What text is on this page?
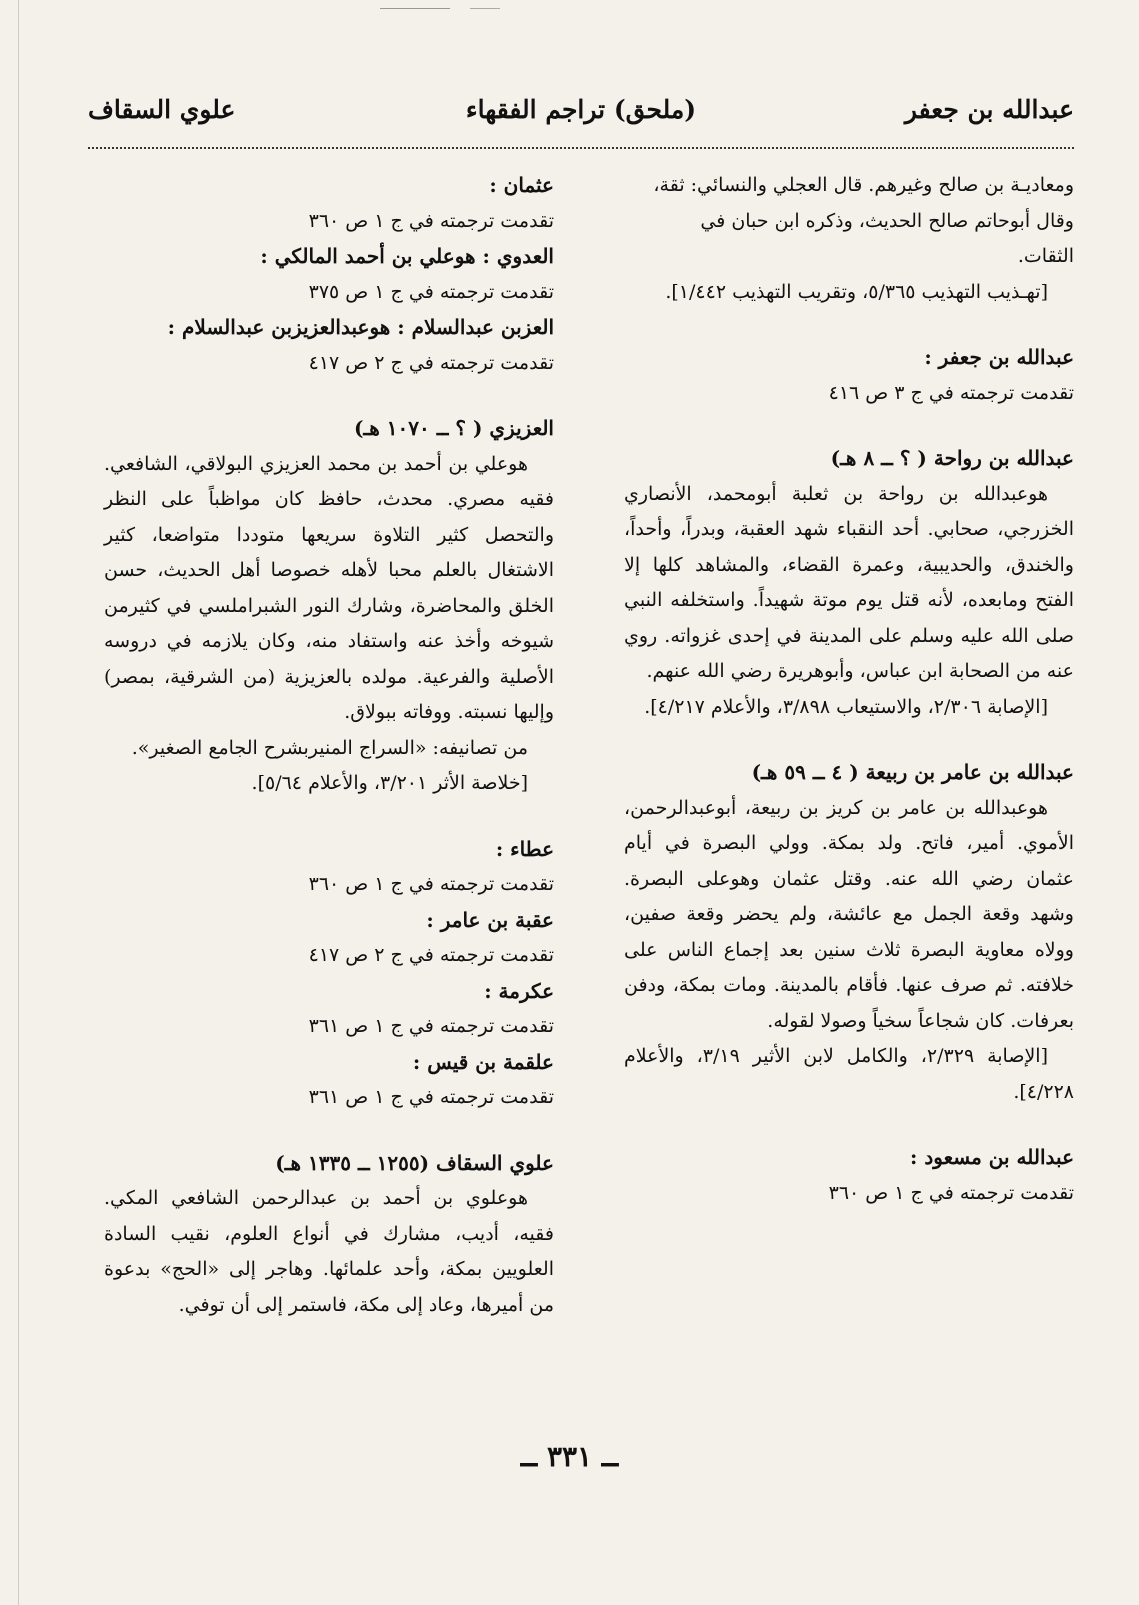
عبدالله بن جعفر
(ملحق) تراجم الفقهاء
علوي السقاف

ومعاديـة بن صالح وغيرهم. قال العجلي والنسائي: ثقة،

وقال أبوحاتم صالح الحديث، وذكره ابن حبان في

الثقات.

[تهـذيب التهذيب ٥/٣٦٥، وتقريب التهذيب ١/٤٤٢].

عبدالله بن جعفر :

تقدمت ترجمته في ج ٣ ص ٤١٦

عبدالله بن رواحة ( ؟ ــ ٨ هـ)

هوعبدالله بن رواحة بن ثعلبة أبومحمد، الأنصاري الخزرجي، صحابي. أحد النقباء شهد العقبة، وبدراً، وأحداً، والخندق، والحديبية، وعمرة القضاء، والمشاهد كلها إلا الفتح ومابعده، لأنه قتل يوم موتة شهيداً. واستخلفه النبي صلى الله عليه وسلم على المدينة في إحدى غزواته. روي عنه من الصحابة ابن عباس، وأبوهريرة رضي الله عنهم.

[الإصابة ٢/٣٠٦، والاستيعاب ٣/٨٩٨، والأعلام ٤/٢١٧].

عبدالله بن عامر بن ربيعة ( ٤ ــ ٥٩ هـ)

هوعبدالله بن عامر بن كريز بن ربيعة، أبوعبدالرحمن، الأموي. أمير، فاتح. ولد بمكة. وولي البصرة في أيام عثمان رضي الله عنه. وقتل عثمان وهوعلى البصرة. وشهد وقعة الجمل مع عائشة، ولم يحضر وقعة صفين، وولاه معاوية البصرة ثلاث سنين بعد إجماع الناس على خلافته. ثم صرف عنها. فأقام بالمدينة. ومات بمكة، ودفن بعرفات. كان شجاعاً سخياً وصولا لقوله.

[الإصابة ٢/٣٢٩، والكامل لابن الأثير ٣/١٩، والأعلام ٤/٢٢٨].

عبدالله بن مسعود :

تقدمت ترجمته في ج ١ ص ٣٦٠

عثمان :

تقدمت ترجمته في ج ١ ص ٣٦٠

العدوي : هوعلي بن أحمد المالكي :

تقدمت ترجمته في ج ١ ص ٣٧٥

العزبن عبدالسلام : هوعبدالعزيزبن عبدالسلام :

تقدمت ترجمته في ج ٢ ص ٤١٧

العزيزي ( ؟ ــ ١٠٧٠ هـ)

هوعلي بن أحمد بن محمد العزيزي البولاقي، الشافعي. فقيه مصري. محدث، حافظ كان مواظباً على النظر والتحصل كثير التلاوة سريعها متوددا متواضعا، كثير الاشتغال بالعلم محبا لأهله خصوصا أهل الحديث، حسن الخلق والمحاضرة، وشارك النور الشبراملسي في كثيرمن شيوخه وأخذ عنه واستفاد منه، وكان يلازمه في دروسه الأصلية والفرعية. مولده بالعزيزية (من الشرقية، بمصر) وإليها نسبته. ووفاته ببولاق.

من تصانيفه: «السراج المنيربشرح الجامع الصغير».

[خلاصة الأثر ٣/٢٠١، والأعلام ٥/٦٤].

عطاء :

تقدمت ترجمته في ج ١ ص ٣٦٠

عقبة بن عامر :

تقدمت ترجمته في ج ٢ ص ٤١٧

عكرمة :

تقدمت ترجمته في ج ١ ص ٣٦١

علقمة بن قيس :

تقدمت ترجمته في ج ١ ص ٣٦١

علوي السقاف (١٢٥٥ ــ ١٣٣٥ هـ)

هوعلوي بن أحمد بن عبدالرحمن الشافعي المكي. فقيه، أديب، مشارك في أنواع العلوم، نقيب السادة العلويين بمكة، وأحد علمائها. وهاجر إلى «الحج» بدعوة من أميرها، وعاد إلى مكة، فاستمر إلى أن توفي.

ــ ٣٣١ ــ
